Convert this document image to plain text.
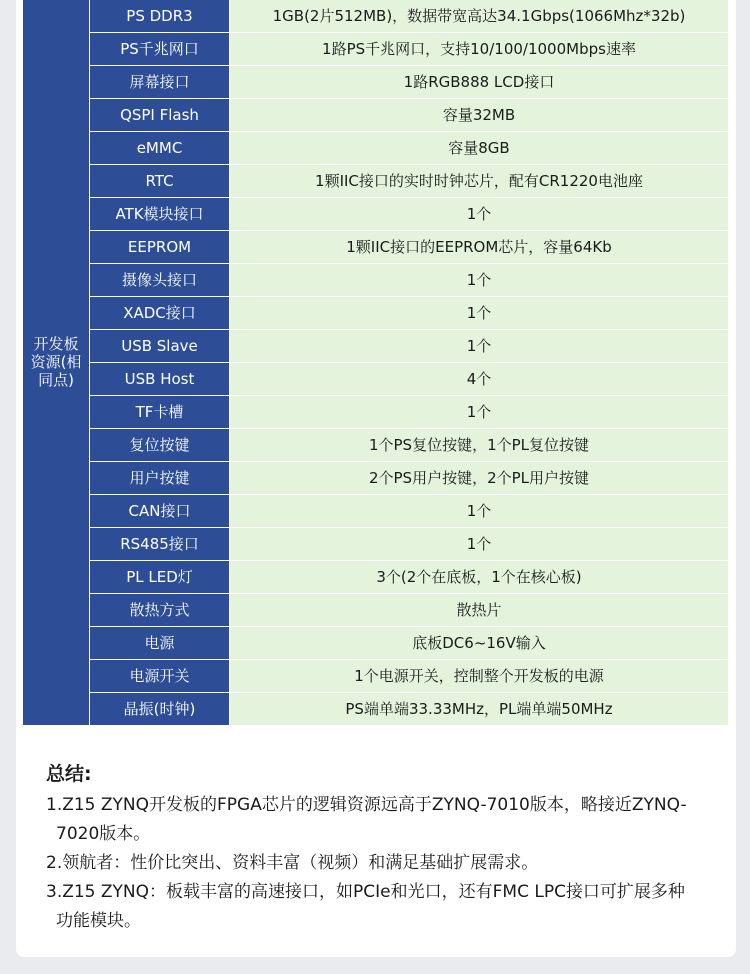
开发板资源(相同点)	PS DDR3	1GB(2片512MB)，数据带宽高达34.1Gbps(1066Mhz*32b)
	PS千兆网口	1路PS千兆网口，支持10/100/1000Mbps速率
	屏幕接口	1路RGB888 LCD接口
	QSPI Flash	容量32MB
	eMMC	容量8GB
	RTC	1颗IIC接口的实时时钟芯片，配有CR1220电池座
	ATK模块接口	1个
	EEPROM	1颗IIC接口的EEPROM芯片，容量64Kb
	摄像头接口	1个
	XADC接口	1个
	USB Slave	1个
	USB Host	4个
	TF卡槽	1个
	复位按键	1个PS复位按键，1个PL复位按键
	用户按键	2个PS用户按键，2个PL用户按键
	CAN接口	1个
	RS485接口	1个
	PL LED灯	3个(2个在底板，1个在核心板)
	散热方式	散热片
	电源	底板DC6~16V输入
	电源开关	1个电源开关，控制整个开发板的电源
	晶振(时钟)	PS端单端33.33MHz，PL端单端50MHz
总结:

1.Z15 ZYNQ开发板的FPGA芯片的逻辑资源远高于ZYNQ-7010版本，略接近ZYNQ-
7020版本。

2.领航者：性价比突出、资料丰富（视频）和满足基础扩展需求。

3.Z15 ZYNQ：板载丰富的高速接口，如PCIe和光口，还有FMC LPC接口可扩展多种
功能模块。
